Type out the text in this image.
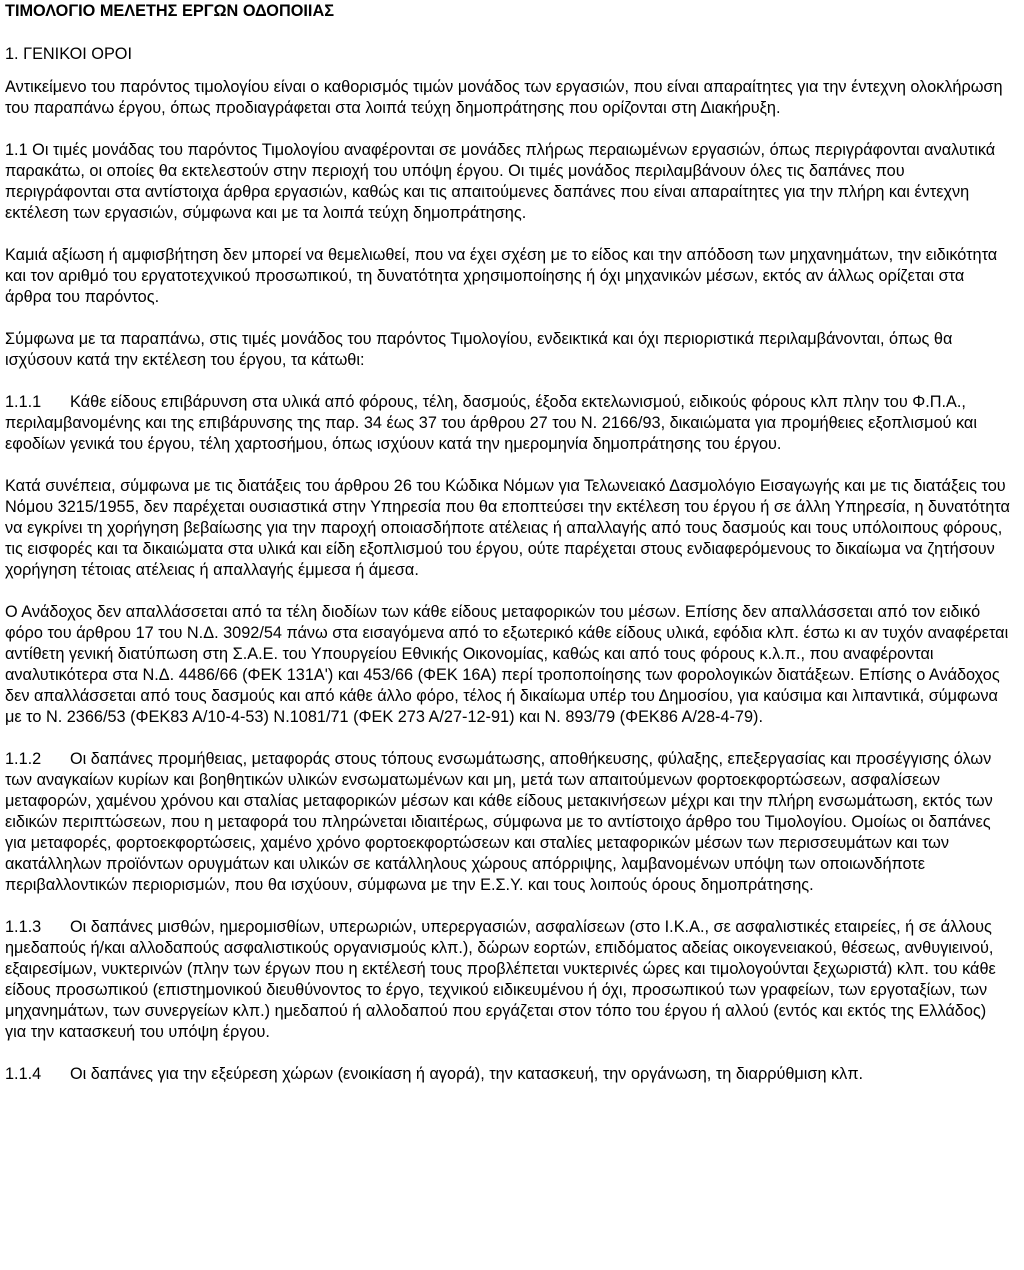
ΤΙΜΟΛΟΓΙΟ ΜΕΛΕΤΗΣ ΕΡΓΩΝ ΟΔΟΠΟΙΙΑΣ
1. ΓΕΝΙΚΟΙ ΟΡΟΙ

Αντικείμενο του παρόντος τιμολογίου είναι ο καθορισμός τιμών μονάδος των εργασιών, που είναι απαραίτητες για την έντεχνη ολοκλήρωση του παραπάνω έργου, όπως προδιαγράφεται στα λοιπά τεύχη δημοπράτησης που ορίζονται στη Διακήρυξη.

1.1 Οι τιμές μονάδας του παρόντος Τιμολογίου αναφέρονται σε μονάδες πλήρως περαιωμένων εργασιών, όπως περιγράφονται αναλυτικά παρακάτω, οι οποίες θα εκτελεστούν στην περιοχή του υπόψη έργου. Οι τιμές μονάδος περιλαμβάνουν όλες τις δαπάνες που περιγράφονται στα αντίστοιχα άρθρα εργασιών, καθώς και τις απαιτούμενες δαπάνες που είναι απαραίτητες για την πλήρη και έντεχνη εκτέλεση των εργασιών, σύμφωνα και με τα λοιπά τεύχη δημοπράτησης.

Καμιά αξίωση ή αμφισβήτηση δεν μπορεί να θεμελιωθεί, που να έχει σχέση με το είδος και την απόδοση των μηχανημάτων, την ειδικότητα και τον αριθμό του εργατοτεχνικού προσωπικού, τη δυνατότητα χρησιμοποίησης ή όχι μηχανικών μέσων, εκτός αν άλλως ορίζεται στα άρθρα του παρόντος.

Σύμφωνα με τα παραπάνω, στις τιμές μονάδος του παρόντος Τιμολογίου, ενδεικτικά και όχι περιοριστικά περιλαμβάνονται, όπως θα ισχύσουν κατά την εκτέλεση του έργου, τα κάτωθι:

1.1.1 Κάθε είδους επιβάρυνση στα υλικά από φόρους, τέλη, δασμούς, έξοδα εκτελωνισμού, ειδικούς φόρους κλπ πλην του Φ.Π.Α., περιλαμβανομένης και της επιβάρυνσης της παρ. 34 έως 37 του άρθρου 27 του Ν. 2166/93, δικαιώματα για προμήθειες εξοπλισμού και εφοδίων γενικά του έργου, τέλη χαρτοσήμου, όπως ισχύουν κατά την ημερομηνία δημοπράτησης του έργου.

Κατά συνέπεια, σύμφωνα με τις διατάξεις του άρθρου 26 του Κώδικα Νόμων για Τελωνειακό Δασμολόγιο Εισαγωγής και με τις διατάξεις του Νόμου 3215/1955, δεν παρέχεται ουσιαστικά στην Υπηρεσία που θα εποπτεύσει την εκτέλεση του έργου ή σε άλλη Υπηρεσία, η δυνατότητα να εγκρίνει τη χορήγηση βεβαίωσης για την παροχή οποιασδήποτε ατέλειας ή απαλλαγής από τους δασμούς και τους υπόλοιπους φόρους, τις εισφορές και τα δικαιώματα στα υλικά και είδη εξοπλισμού του έργου, ούτε παρέχεται στους ενδιαφερόμενους το δικαίωμα να ζητήσουν χορήγηση τέτοιας ατέλειας ή απαλλαγής έμμεσα ή άμεσα.

Ο Ανάδοχος δεν απαλλάσσεται από τα τέλη διοδίων των κάθε είδους μεταφορικών του μέσων. Επίσης δεν απαλλάσσεται από τον ειδικό φόρο του άρθρου 17 του Ν.Δ. 3092/54 πάνω στα εισαγόμενα από το εξωτερικό κάθε είδους υλικά, εφόδια κλπ. έστω κι αν τυχόν αναφέρεται αντίθετη γενική διατύπωση στη Σ.Α.Ε. του Υπουργείου Εθνικής Οικονομίας, καθώς και από τους φόρους κ.λ.π., που αναφέρονται αναλυτικότερα στα Ν.Δ. 4486/66 (ΦΕΚ 131Α') και 453/66 (ΦΕΚ 16Α) περί τροποποίησης των φορολογικών διατάξεων. Επίσης ο Ανάδοχος δεν απαλλάσσεται από τους δασμούς και από κάθε άλλο φόρο, τέλος ή δικαίωμα υπέρ του Δημοσίου, για καύσιμα και λιπαντικά, σύμφωνα με το Ν. 2366/53 (ΦΕΚ83 Α/10-4-53) Ν.1081/71 (ΦΕΚ 273 Α/27-12-91) και Ν. 893/79 (ΦΕΚ86 Α/28-4-79).

1.1.2 Οι δαπάνες προμήθειας, μεταφοράς στους τόπους ενσωμάτωσης, αποθήκευσης, φύλαξης, επεξεργασίας και προσέγγισης όλων των αναγκαίων κυρίων και βοηθητικών υλικών ενσωματωμένων και μη, μετά των απαιτούμενων φορτοεκφορτώσεων, ασφαλίσεων μεταφορών, χαμένου χρόνου και σταλίας μεταφορικών μέσων και κάθε είδους μετακινήσεων μέχρι και την πλήρη ενσωμάτωση, εκτός των ειδικών περιπτώσεων, που η μεταφορά του πληρώνεται ιδιαιτέρως, σύμφωνα με το αντίστοιχο άρθρο του Τιμολογίου. Ομοίως οι δαπάνες για μεταφορές, φορτοεκφορτώσεις, χαμένο χρόνο φορτοεκφορτώσεων και σταλίες μεταφορικών μέσων των περισσευμάτων και των ακατάλληλων προϊόντων ορυγμάτων και υλικών σε κατάλληλους χώρους απόρριψης, λαμβανομένων υπόψη των οποιωνδήποτε περιβαλλοντικών περιορισμών, που θα ισχύουν, σύμφωνα με την Ε.Σ.Υ. και τους λοιπούς όρους δημοπράτησης.

1.1.3 Οι δαπάνες μισθών, ημερομισθίων, υπερωριών, υπερεργασιών, ασφαλίσεων (στο Ι.Κ.Α., σε ασφαλιστικές εταιρείες, ή σε άλλους ημεδαπούς ή/και αλλοδαπούς ασφαλιστικούς οργανισμούς κλπ.), δώρων εορτών, επιδόματος αδείας οικογενειακού, θέσεως, ανθυγιεινού, εξαιρεσίμων, νυκτερινών (πλην των έργων που η εκτέλεσή τους προβλέπεται νυκτερινές ώρες και τιμολογούνται ξεχωριστά) κλπ. του κάθε είδους προσωπικού (επιστημονικού διευθύνοντος το έργο, τεχνικού ειδικευμένου ή όχι, προσωπικού των γραφείων, των εργοταξίων, των μηχανημάτων, των συνεργείων κλπ.) ημεδαπού ή αλλοδαπού που εργάζεται στον τόπο του έργου ή αλλού (εντός και εκτός της Ελλάδος) για την κατασκευή του υπόψη έργου.

1.1.4 Οι δαπάνες για την εξεύρεση χώρων (ενοικίαση ή αγορά), την κατασκευή, την οργάνωση, τη διαρρύθμιση κλπ.
